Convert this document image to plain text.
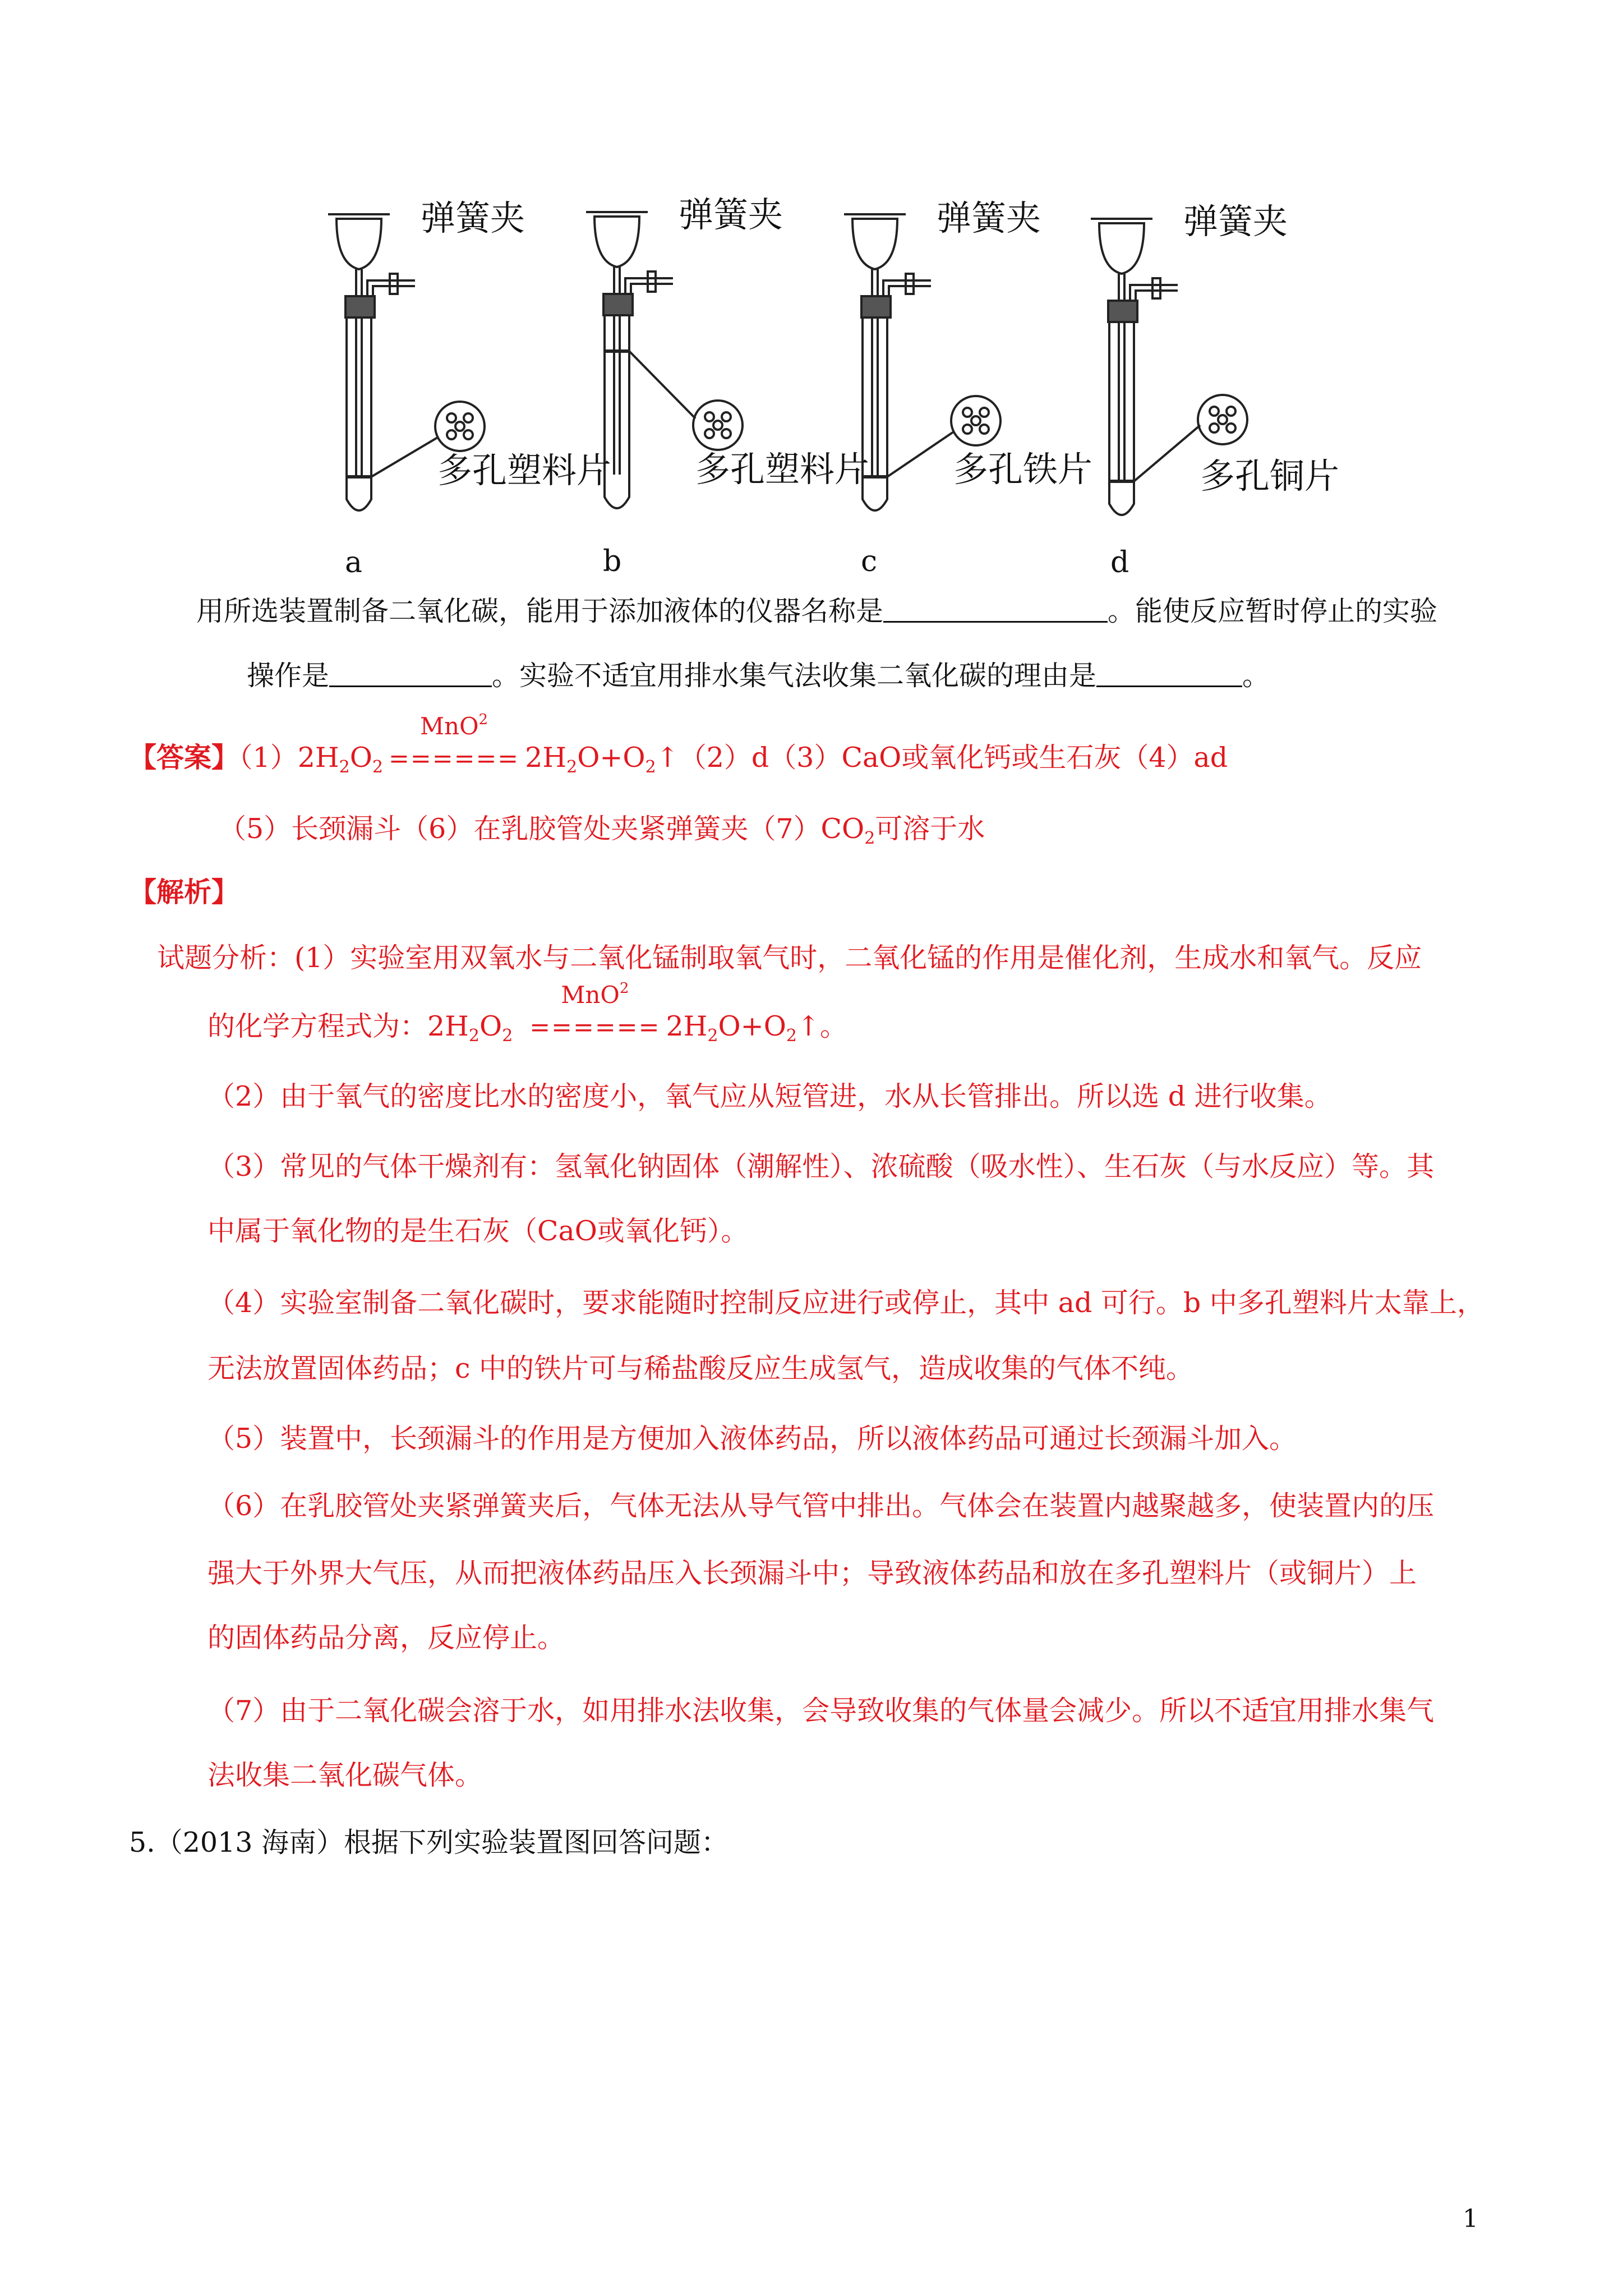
弹簧夹	弹簧夹	弹簧夹	弹簧夹
多孔塑料片 多孔塑料片 多孔铁片	多孔铜片
a	b	c	d
用所选装置制备二氧化碳，能用于添加液体的仪器名称是	。能使反应暂时停止的实验
操作是	。实验不适宜用排水集气法收集二氧化碳的理由是	。
【答案】$(1)2H_2O_2$
MnO$^2$
====== $2H_2O+O_2↑(2)d(3)CaO$或氧化钙或生石灰（4）ad
（5）长颈漏斗（6）在乳胶管处夹紧弹簧夹$(7)CO_2$可溶于水
【解析】
试题分析：(1）实验室用双氧水与二氧化锰制取氧气时，二氧化锰的作用是催化剂，生成水和氧气。反应
的化学方程式为：$2H_2O_2$
MnO$^2$
====== $2H_2O+O_2↑$。
（2）由于氧气的密度比水的密度小，氧气应从短管进，水从长管排出。所以选 d 进行收集。
（3）常见的气体干燥剂有：氢氧化钠固体（潮解性）、浓硫酸（吸水性）、生石灰（与水反应）等。其
中属于氧化物的是生石灰（CaO或氧化钙）。
（4）实验室制备二氧化碳时，要求能随时控制反应进行或停止，其中 ad 可行。b 中多孔塑料片太靠上，
无法放置固体药品；c 中的铁片可与稀盐酸反应生成氢气，造成收集的气体不纯。
（5）装置中，长颈漏斗的作用是方便加入液体药品，所以液体药品可通过长颈漏斗加入。
（6）在乳胶管处夹紧弹簧夹后，气体无法从导气管中排出。气体会在装置内越聚越多，使装置内的压
强大于外界大气压，从而把液体药品压入长颈漏斗中；导致液体药品和放在多孔塑料片（或铜片）上
的固体药品分离，反应停止。
（7）由于二氧化碳会溶于水，如用排水法收集，会导致收集的气体量会减少。所以不适宜用排水集气
法收集二氧化碳气体。
5.（2013 海南）根据下列实验装置图回答问题：
1
